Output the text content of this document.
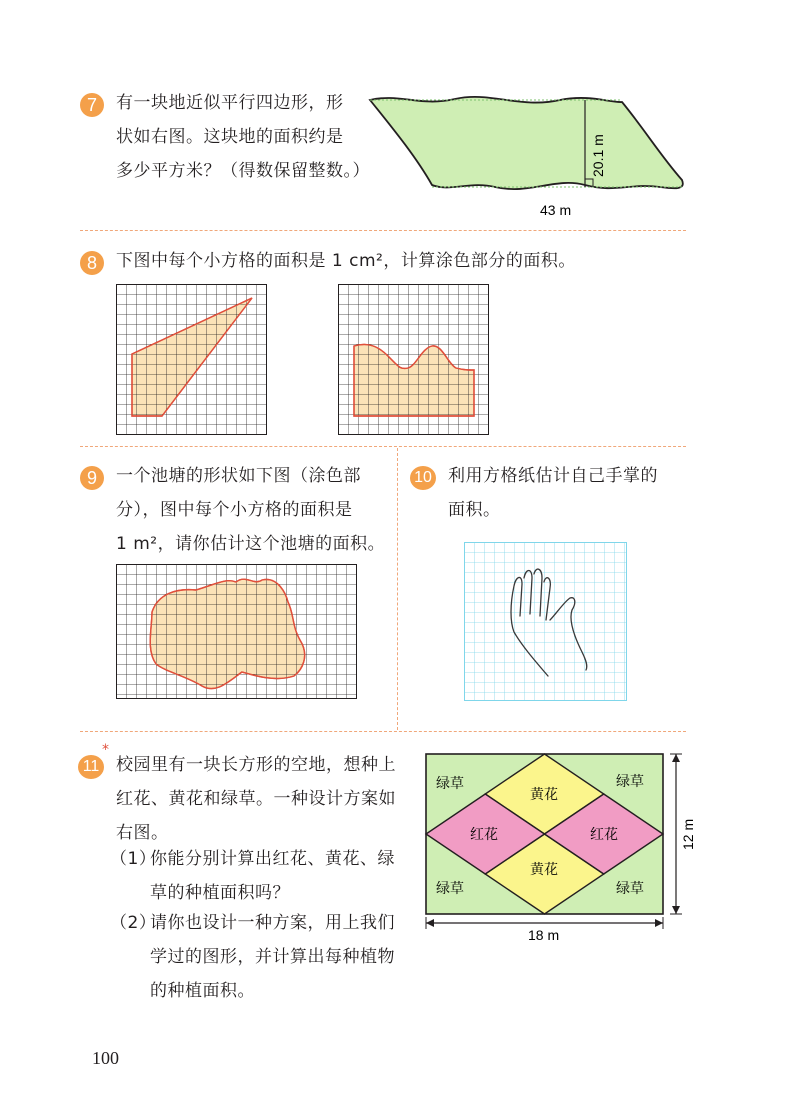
7	有一块地近似平行四边形，形
状如右图。这块地的面积约是
多少平方米？（得数保留整数。）	20.1 m
43 m
8	下图中每个小方格的面积是 1 cm²，计算涂色部分的面积。
9	一个池塘的形状如下图（涂色部
分），图中每个小方格的面积是
1 m²，请你估计这个池塘的面积。
10 利用方格纸估计自己手掌的
面积。
11
*
校园里有一块长方形的空地，想种上
红花、黄花和绿草。一种设计方案如
右图。
（1）
你能分别计算出红花、黄花、绿
草的种植面积吗？
（2）
请你也设计一种方案，用上我们
学过的图形，并计算出每种植物
的种植面积。
绿草	绿草
绿草	绿草
黄花
黄花
红花	红花	12 m
18 m
100
